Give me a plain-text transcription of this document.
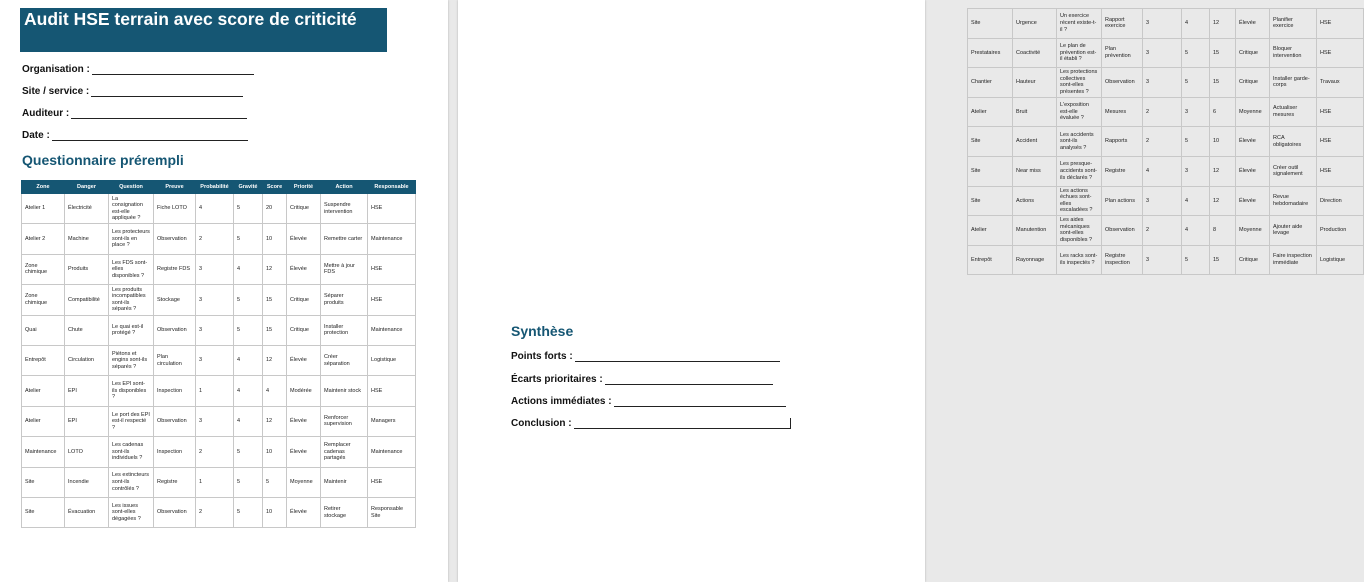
Audit HSE terrain avec score de criticité
Organisation :
Site / service :
Auditeur :
Date :
Questionnaire prérempli
Zone	Danger	Question	Preuve	Probabilité	Gravité	Score	Priorité	Action	Responsable
Atelier 1	Électricité	La consignation est-elle appliquée ?	Fiche LOTO	4	5	20	Critique	Suspendre intervention	HSE
Atelier 2	Machine	Les protecteurs sont-ils en place ?	Observation	2	5	10	Élevée	Remettre carter	Maintenance
Zone chimique	Produits	Les FDS sont-elles disponibles ?	Registre FDS	3	4	12	Élevée	Mettre à jour FDS	HSE
Zone chimique	Compatibilité	Les produits incompatibles sont-ils séparés ?	Stockage	3	5	15	Critique	Séparer produits	HSE
Quai	Chute	Le quai est-il protégé ?	Observation	3	5	15	Critique	Installer protection	Maintenance
Entrepôt	Circulation	Piétons et engins sont-ils séparés ?	Plan circulation	3	4	12	Élevée	Créer séparation	Logistique
Atelier	EPI	Les EPI sont-ils disponibles ?	Inspection	1	4	4	Modérée	Maintenir stock	HSE
Atelier	EPI	Le port des EPI est-il respecté ?	Observation	3	4	12	Élevée	Renforcer supervision	Managers
Maintenance	LOTO	Les cadenas sont-ils individuels ?	Inspection	2	5	10	Élevée	Remplacer cadenas partagés	Maintenance
Site	Incendie	Les extincteurs sont-ils contrôlés ?	Registre	1	5	5	Moyenne	Maintenir	HSE
Site	Évacuation	Les issues sont-elles dégagées ?	Observation	2	5	10	Élevée	Retirer stockage	Responsable Site
Site	Urgence	Un exercice récent existe-t-il ?	Rapport exercice	3	4	12	Élevée	Planifier exercice	HSE
Prestataires	Coactivité	Le plan de prévention est-il établi ?	Plan prévention	3	5	15	Critique	Bloquer intervention	HSE
Chantier	Hauteur	Les protections collectives sont-elles présentes ?	Observation	3	5	15	Critique	Installer garde-corps	Travaux
Atelier	Bruit	L'exposition est-elle évaluée ?	Mesures	2	3	6	Moyenne	Actualiser mesures	HSE
Site	Accident	Les accidents sont-ils analysés ?	Rapports	2	5	10	Élevée	RCA obligatoires	HSE
Site	Near miss	Les presque-accidents sont-ils déclarés ?	Registre	4	3	12	Élevée	Créer outil signalement	HSE
Site	Actions	Les actions échues sont-elles escaladées ?	Plan actions	3	4	12	Élevée	Revue hebdomadaire	Direction
Atelier	Manutention	Les aides mécaniques sont-elles disponibles ?	Observation	2	4	8	Moyenne	Ajouter aide levage	Production
Entrepôt	Rayonnage	Les racks sont-ils inspectés ?	Registre inspection	3	5	15	Critique	Faire inspection immédiate	Logistique
Synthèse
Points forts :
Écarts prioritaires :
Actions immédiates :
Conclusion :
